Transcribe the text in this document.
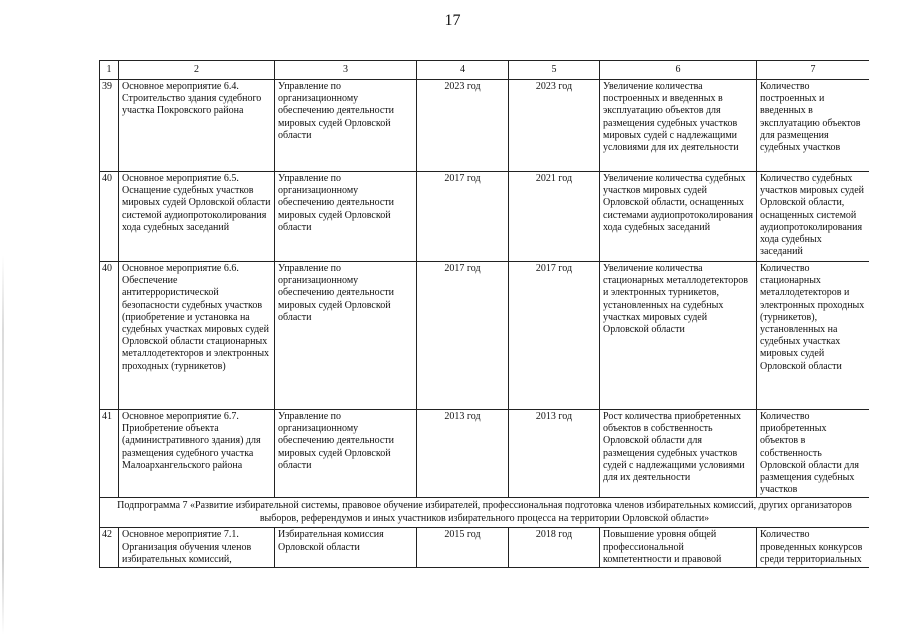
17
1	2	3	4	5	6	7
39	Основное мероприятие 6.4. Строительство здания судебного участка Покровского района	Управление по организационному обеспечению деятельности мировых судей Орловской области	2023 год	2023 год	Увеличение количества построенных и введенных в эксплуатацию объектов для размещения судебных участков мировых судей с надлежащими условиями для их деятельности	Количество построенных и введенных в эксплуатацию объектов для размещения судебных участков
40	Основное мероприятие 6.5. Оснащение судебных участков мировых судей Орловской области системой аудиопротоколирования хода судебных заседаний	Управление по организационному обеспечению деятельности мировых судей Орловской области	2017 год	2021 год	Увеличение количества судебных участков мировых судей Орловской области, оснащенных системами аудиопротоколирования хода судебных заседаний	Количество судебных участков мировых судей Орловской области, оснащенных системой аудиопротоколирования хода судебных заседаний
40	Основное мероприятие 6.6. Обеспечение антитеррористической безопасности судебных участков (приобретение и установка на судебных участках мировых судей Орловской области стационарных металлодетекторов и электронных проходных (турникетов)	Управление по организационному обеспечению деятельности мировых судей Орловской области	2017 год	2017 год	Увеличение количества стационарных металлодетекторов и электронных турникетов, установленных на судебных участках мировых судей Орловской области	Количество стационарных металлодетекторов и электронных проходных (турникетов), установленных на судебных участках мировых судей Орловской области
41	Основное мероприятие 6.7. Приобретение объекта (административного здания) для размещения судебного участка Малоархангельского района	Управление по организационному обеспечению деятельности мировых судей Орловской области	2013 год	2013 год	Рост количества приобретенных объектов в собственность Орловской области для размещения судебных участков судей с надлежащими условиями для их деятельности	Количество приобретенных объектов в собственность Орловской области для размещения судебных участков
Подпрограмма 7 «Развитие избирательной системы, правовое обучение избирателей, профессиональная подготовка членов избирательных комиссий, других организаторов выборов, референдумов и иных участников избирательного процесса на территории Орловской области»						
42	Основное мероприятие 7.1. Организация обучения членов избирательных комиссий,	Избирательная комиссия Орловской области	2015 год	2018 год	Повышение уровня общей профессиональной компетентности и правовой	Количество проведенных конкурсов среди территориальных
